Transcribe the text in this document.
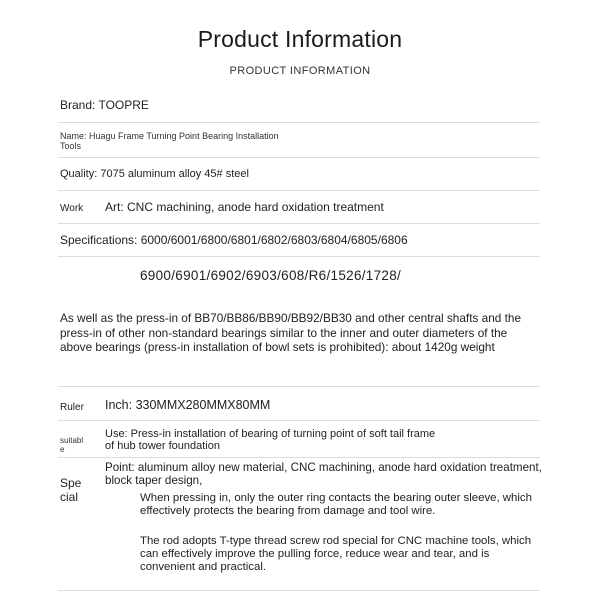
Product Information
PRODUCT INFORMATION
Brand: TOOPRE
Name: Huagu Frame Turning Point Bearing Installation
Tools
Quality: 7075 aluminum alloy 45# steel
Work Art: CNC machining, anode hard oxidation treatment
Specifications: 6000/6001/6800/6801/6802/6803/6804/6805/6806
6900/6901/6902/6903/608/R6/1526/1728/
As well as the press-in of BB70/BB86/BB90/BB92/BB30 and other central shafts and the press-in of other non-standard bearings similar to the inner and outer diameters of the above bearings (press-in installation of bowl sets is prohibited): about 1420g weight
Ruler Inch: 330MMX280MMX80MM
suitabl
e
Use: Press-in installation of bearing of turning point of soft tail frame
of hub tower foundation
Spe
cial
Point: aluminum alloy new material, CNC machining, anode hard oxidation treatment, block taper design,
When pressing in, only the outer ring contacts the bearing outer sleeve, which effectively protects the bearing from damage and tool wire.
The rod adopts T-type thread screw rod special for CNC machine tools, which can effectively improve the pulling force, reduce wear and tear, and is convenient and practical.
